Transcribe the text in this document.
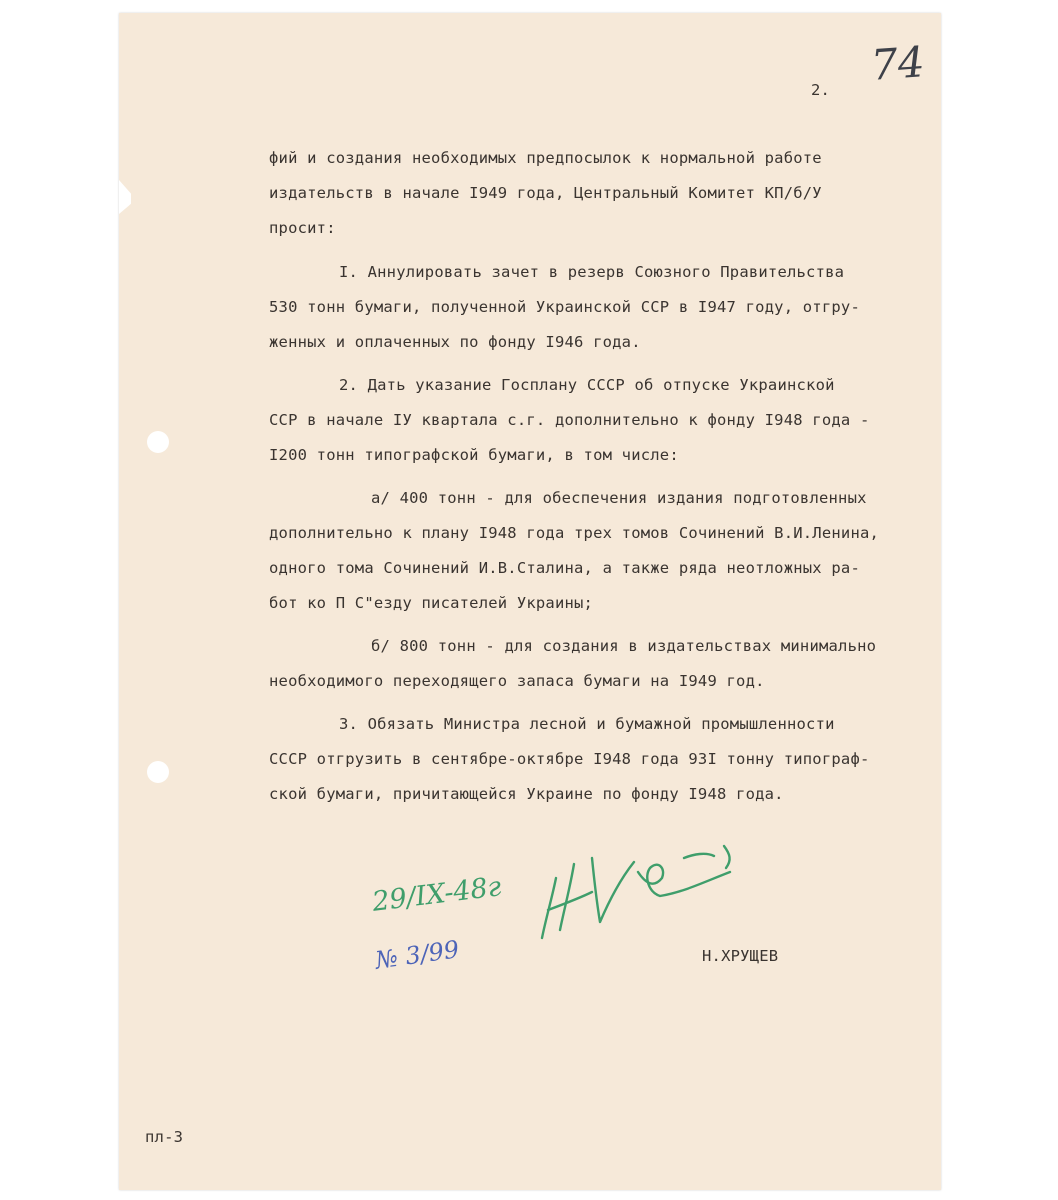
2.
фий и создания необходимых предпосылок к нормальной работе
издательств в начале I949 года, Центральный Комитет КП/б/У
просит:
I. Аннулировать зачет в резерв Союзного Правительства
530 тонн бумаги, полученной Украинской ССР в I947 году, отгру-
женных и оплаченных по фонду I946 года.
2. Дать указание Госплану СССР об отпуске Украинской
ССР в начале IУ квартала с.г. дополнительно к фонду I948 года -
I200 тонн типографской бумаги, в том числе:
а/ 400 тонн - для обеспечения издания подготовленных
дополнительно к плану I948 года трех томов Сочинений В.И.Ленина,
одного тома Сочинений И.В.Сталина, а также ряда неотложных ра-
бот ко П С"езду писателей Украины;
б/ 800 тонн - для создания в издательствах минимально
необходимого переходящего запаса бумаги на I949 год.
3. Обязать Министра лесной и бумажной промышленности
СССР отгрузить в сентябре-октябре I948 года 93I тонну типограф-
ской бумаги, причитающейся Украине по фонду I948 года.
Н.ХРУЩЕВ
пл-3
74
29/IX-48г
№ 3/99
